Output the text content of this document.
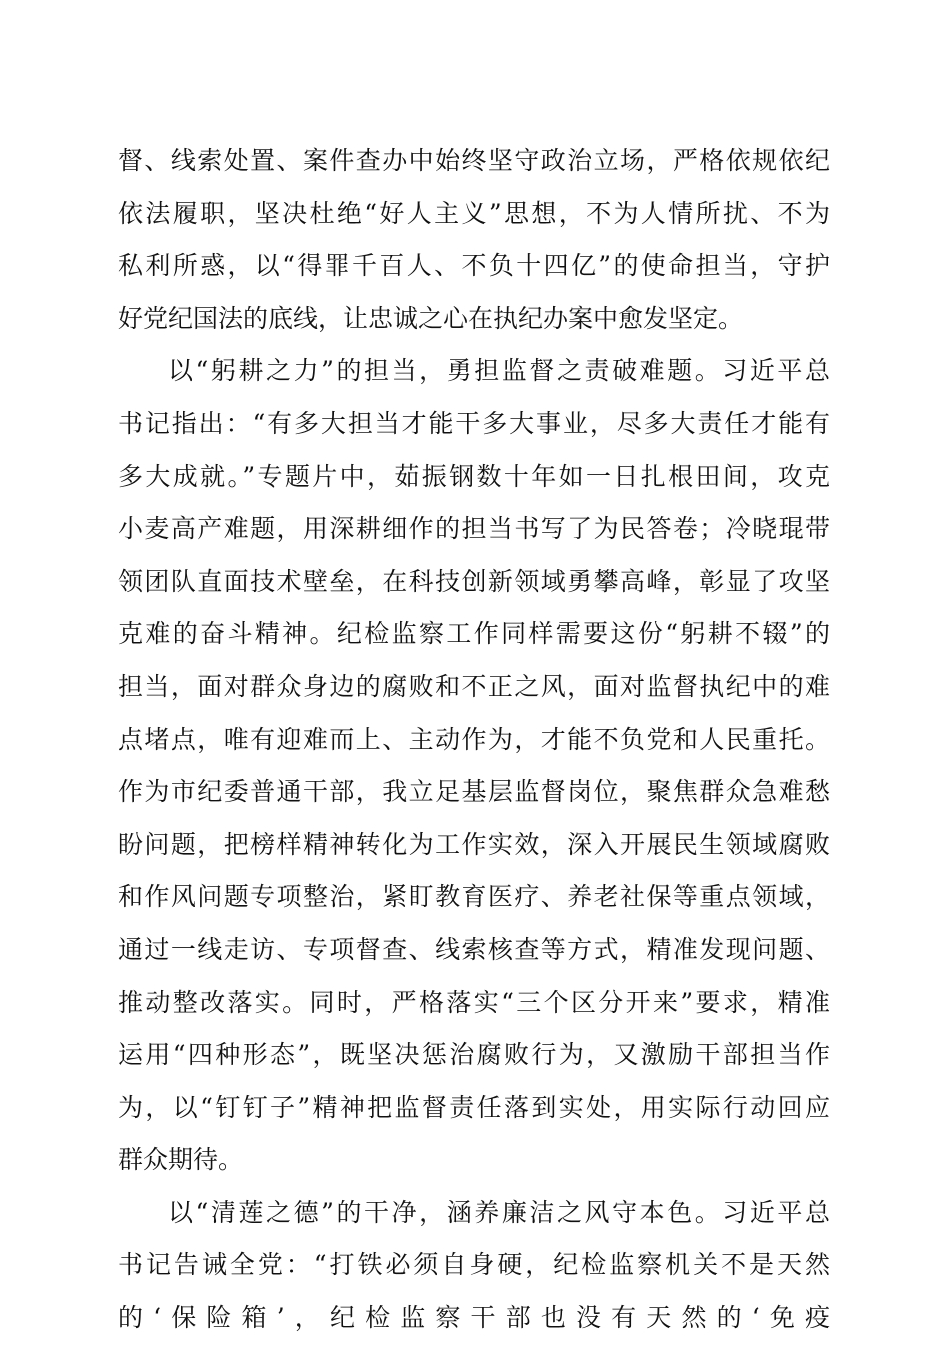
督、线索处置、案件查办中始终坚守政治立场，严格依规依纪
依法履职，坚决杜绝“好人主义”思想，不为人情所扰、不为
私利所惑，以“得罪千百人、不负十四亿”的使命担当，守护
好党纪国法的底线，让忠诚之心在执纪办案中愈发坚定。
以“躬耕之力”的担当，勇担监督之责破难题。习近平总
书记指出：“有多大担当才能干多大事业，尽多大责任才能有
多大成就。”专题片中，茹振钢数十年如一日扎根田间，攻克
小麦高产难题，用深耕细作的担当书写了为民答卷；冷晓琨带
领团队直面技术壁垒，在科技创新领域勇攀高峰，彰显了攻坚
克难的奋斗精神。纪检监察工作同样需要这份“躬耕不辍”的
担当，面对群众身边的腐败和不正之风，面对监督执纪中的难
点堵点，唯有迎难而上、主动作为，才能不负党和人民重托。
作为市纪委普通干部，我立足基层监督岗位，聚焦群众急难愁
盼问题，把榜样精神转化为工作实效，深入开展民生领域腐败
和作风问题专项整治，紧盯教育医疗、养老社保等重点领域，
通过一线走访、专项督查、线索核查等方式，精准发现问题、
推动整改落实。同时，严格落实“三个区分开来”要求，精准
运用“四种形态”，既坚决惩治腐败行为，又激励干部担当作
为，以“钉钉子”精神把监督责任落到实处，用实际行动回应
群众期待。
以“清莲之德”的干净，涵养廉洁之风守本色。习近平总
书记告诫全党：“打铁必须自身硬，纪检监察机关不是天然
的‘保险箱’，纪检监察干部也没有天然的‘免疫
